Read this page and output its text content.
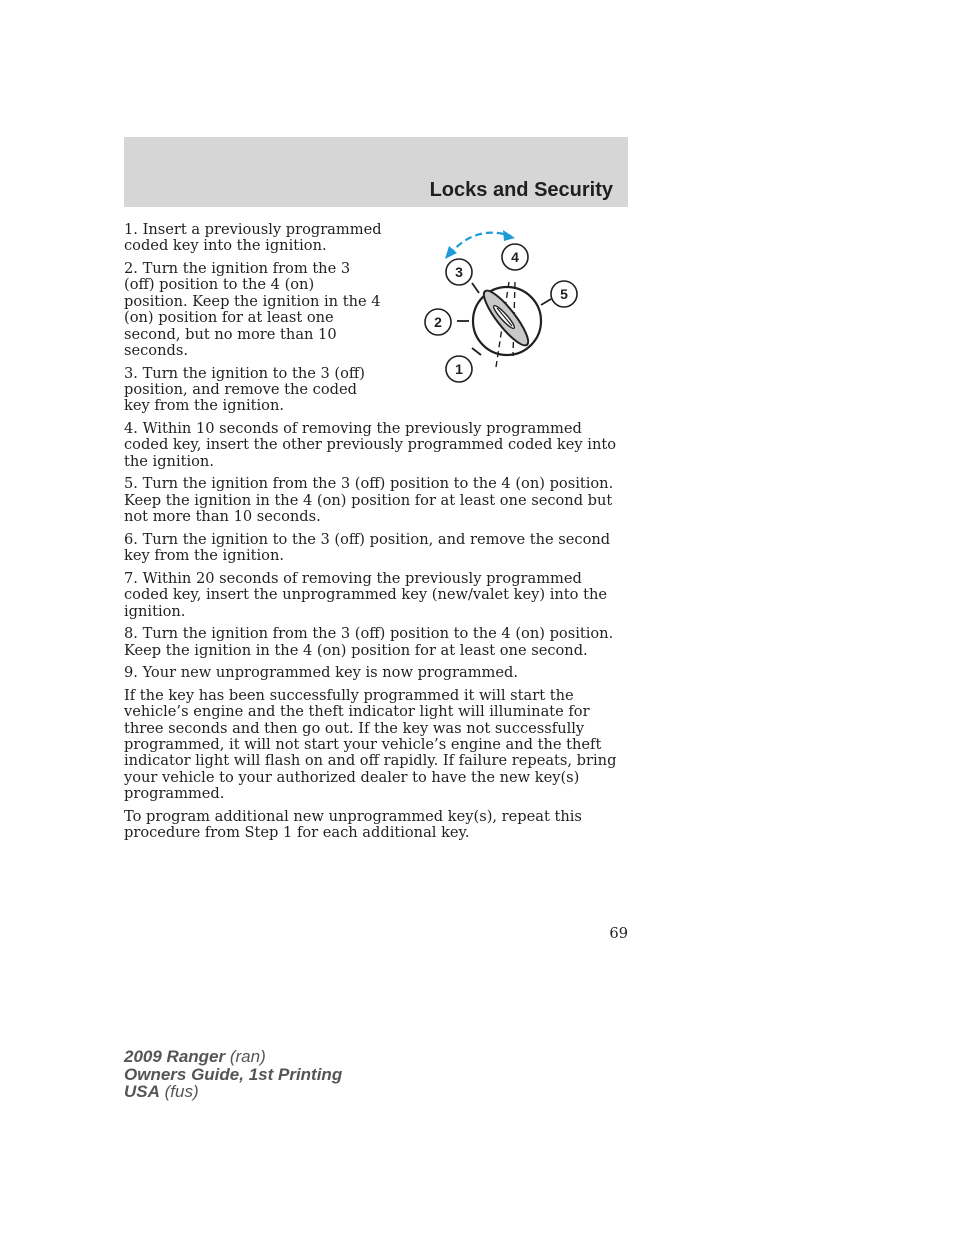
Locks and Security
3
4
5
2
1

1. Insert a previously programmed coded key into the ignition.

2. Turn the ignition from the 3 (off) position to the 4 (on) position. Keep the ignition in the 4 (on) position for at least one second, but no more than 10 seconds.

3. Turn the ignition to the 3 (off) position, and remove the coded key from the ignition.

4. Within 10 seconds of removing the previously programmed coded key, insert the other previously programmed coded key into the ignition.

5. Turn the ignition from the 3 (off) position to the 4 (on) position. Keep the ignition in the 4 (on) position for at least one second but not more than 10 seconds.

6. Turn the ignition to the 3 (off) position, and remove the second key from the ignition.

7. Within 20 seconds of removing the previously programmed coded key, insert the unprogrammed key (new/valet key) into the ignition.

8. Turn the ignition from the 3 (off) position to the 4 (on) position. Keep the ignition in the 4 (on) position for at least one second.

9. Your new unprogrammed key is now programmed.

If the key has been successfully programmed it will start the vehicle’s engine and the theft indicator light will illuminate for three seconds and then go out. If the key was not successfully programmed, it will not start your vehicle’s engine and the theft indicator light will flash on and off rapidly. If failure repeats, bring your vehicle to your authorized dealer to have the new key(s) programmed.

To program additional new unprogrammed key(s), repeat this procedure from Step 1 for each additional key.

69
2009 Ranger (ran)
Owners Guide, 1st Printing
USA (fus)
